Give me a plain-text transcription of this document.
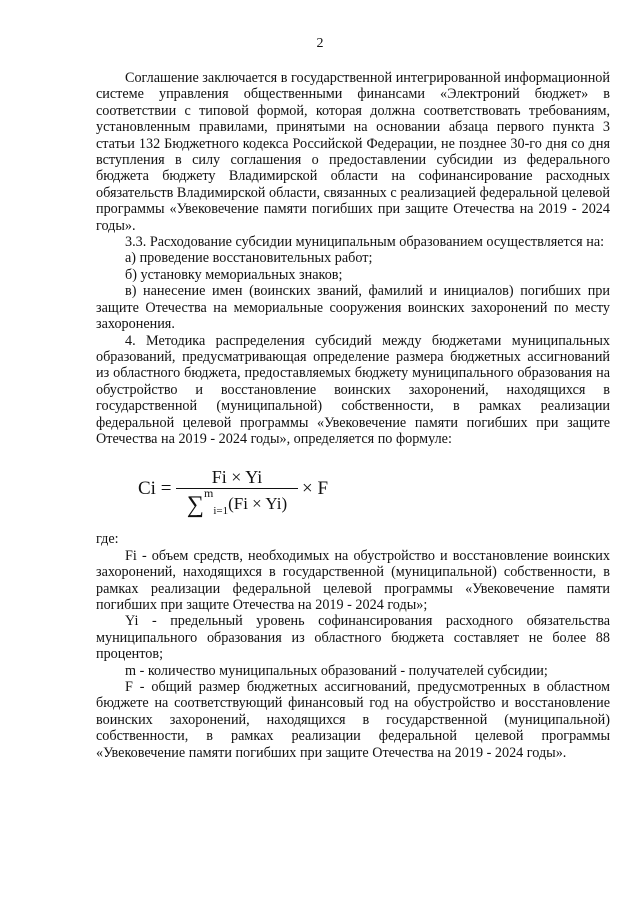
2

Соглашение заключается в государственной интегрированной информационной системе управления общественными финансами «Электроний бюджет» в соответствии с типовой формой, которая должна соответствовать требованиям, установленным правилами, принятыми на основании абзаца первого пункта 3 статьи 132 Бюджетного кодекса Российской Федерации, не позднее 30-го дня со дня вступления в силу соглашения о предоставлении субсидии из федерального бюджета бюджету Владимирской области на софинансирование расходных обязательств Владимирской области, связанных с реализацией федеральной целевой программы «Увековечение памяти погибших при защите Отечества на 2019 - 2024 годы».

3.3. Расходование субсидии муниципальным образованием осуществляется на:

а) проведение восстановительных работ;

б) установку мемориальных знаков;

в) нанесение имен (воинских званий, фамилий и инициалов) погибших при защите Отечества на мемориальные сооружения воинских захоронений по месту захоронения.

4. Методика распределения субсидий между бюджетами муниципальных образований, предусматривающая определение размера бюджетных ассигнований из областного бюджета, предоставляемых бюджету муниципального образования на обустройство и восстановление воинских захоронений, находящихся в государственной (муниципальной) собственности, в рамках реализации федеральной целевой программы «Увековечение памяти погибших при защите Отечества на 2019 - 2024 годы», определяется по формуле:

$Ci = \frac{Fi \times Yi}{\sum^m_{i=1}(Fi \times Yi)} \times F$

где:

Fi - объем средств, необходимых на обустройство и восстановление воинских захоронений, находящихся в государственной (муниципальной) собственности, в рамках реализации федеральной целевой программы «Увековечение памяти погибших при защите Отечества на 2019 - 2024 годы»;

Yi - предельный уровень софинансирования расходного обязательства муниципального образования из областного бюджета составляет не более 88 процентов;

m - количество муниципальных образований - получателей субсидии;

F - общий размер бюджетных ассигнований, предусмотренных в областном бюджете на соответствующий финансовый год на обустройство и восстановление воинских захоронений, находящихся в государственной (муниципальной) собственности, в рамках реализации федеральной целевой программы «Увековечение памяти погибших при защите Отечества на 2019 - 2024 годы».
